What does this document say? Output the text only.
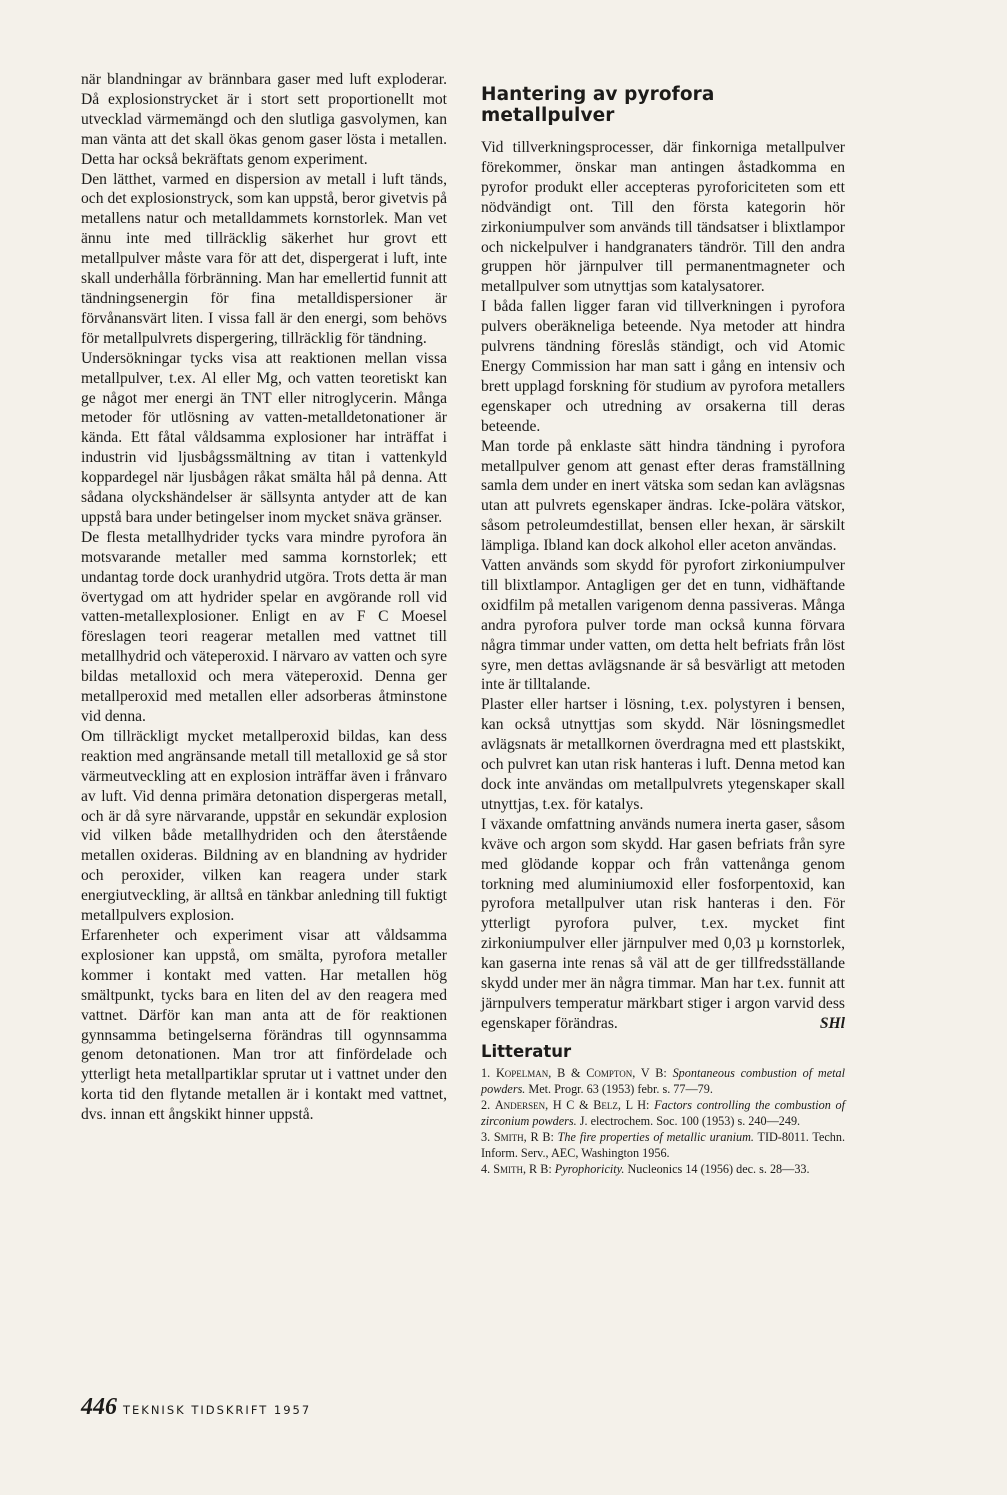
när blandningar av brännbara gaser med luft exploderar. Då explosionstrycket är i stort sett proportionellt mot utvecklad värmemängd och den slutliga gasvolymen, kan man vänta att det skall ökas genom gaser lösta i metallen. Detta har också bekräftats genom experiment.

Den lätthet, varmed en dispersion av metall i luft tänds, och det explosionstryck, som kan uppstå, beror givetvis på metallens natur och metalldammets kornstorlek. Man vet ännu inte med tillräcklig säkerhet hur grovt ett metallpulver måste vara för att det, dispergerat i luft, inte skall underhålla förbränning. Man har emellertid funnit att tändningsenergin för fina metalldispersioner är förvånansvärt liten. I vissa fall är den energi, som behövs för metallpulvrets dispergering, tillräcklig för tändning.

Undersökningar tycks visa att reaktionen mellan vissa metallpulver, t.ex. Al eller Mg, och vatten teoretiskt kan ge något mer energi än TNT eller nitroglycerin. Många metoder för utlösning av vatten-metalldetonationer är kända. Ett fåtal våldsamma explosioner har inträffat i industrin vid ljusbågssmältning av titan i vattenkyld koppardegel när ljusbågen råkat smälta hål på denna. Att sådana olyckshändelser är sällsynta antyder att de kan uppstå bara under betingelser inom mycket snäva gränser.

De flesta metallhydrider tycks vara mindre pyrofora än motsvarande metaller med samma kornstorlek; ett undantag torde dock uranhydrid utgöra. Trots detta är man övertygad om att hydrider spelar en avgörande roll vid vatten-metallexplosioner. Enligt en av F C Moesel föreslagen teori reagerar metallen med vattnet till metallhydrid och väteperoxid. I närvaro av vatten och syre bildas metalloxid och mera väteperoxid. Denna ger metallperoxid med metallen eller adsorberas åtminstone vid denna.

Om tillräckligt mycket metallperoxid bildas, kan dess reaktion med angränsande metall till metalloxid ge så stor värmeutveckling att en explosion inträffar även i frånvaro av luft. Vid denna primära detonation dispergeras metall, och är då syre närvarande, uppstår en sekundär explosion vid vilken både metallhydriden och den återstående metallen oxideras. Bildning av en blandning av hydrider och peroxider, vilken kan reagera under stark energiutveckling, är alltså en tänkbar anledning till fuktigt metallpulvers explosion.

Erfarenheter och experiment visar att våldsamma explosioner kan uppstå, om smälta, pyrofora metaller kommer i kontakt med vatten. Har metallen hög smältpunkt, tycks bara en liten del av den reagera med vattnet. Därför kan man anta att de för reaktionen gynnsamma betingelserna förändras till ogynnsamma genom detonationen. Man tror att finfördelade och ytterligt heta metallpartiklar sprutar ut i vattnet under den korta tid den flytande metallen är i kontakt med vattnet, dvs. innan ett ångskikt hinner uppstå.

Hantering av pyrofora metallpulver

Vid tillverkningsprocesser, där finkorniga metallpulver förekommer, önskar man antingen åstadkomma en pyrofor produkt eller accepteras pyroforiciteten som ett nödvändigt ont. Till den första kategorin hör zirkoniumpulver som används till tändsatser i blixtlampor och nickelpulver i handgranaters tändrör. Till den andra gruppen hör järnpulver till permanentmagneter och metallpulver som utnyttjas som katalysatorer.

I båda fallen ligger faran vid tillverkningen i pyrofora pulvers oberäkneliga beteende. Nya metoder att hindra pulvrens tändning föreslås ständigt, och vid Atomic Energy Commission har man satt i gång en intensiv och brett upplagd forskning för studium av pyrofora metallers egenskaper och utredning av orsakerna till deras beteende.

Man torde på enklaste sätt hindra tändning i pyrofora metallpulver genom att genast efter deras framställning samla dem under en inert vätska som sedan kan avlägsnas utan att pulvrets egenskaper ändras. Icke-polära vätskor, såsom petroleumdestillat, bensen eller hexan, är särskilt lämpliga. Ibland kan dock alkohol eller aceton användas.

Vatten används som skydd för pyrofort zirkoniumpulver till blixtlampor. Antagligen ger det en tunn, vidhäftande oxidfilm på metallen varigenom denna passiveras. Många andra pyrofora pulver torde man också kunna förvara några timmar under vatten, om detta helt befriats från löst syre, men dettas avlägsnande är så besvärligt att metoden inte är tilltalande.

Plaster eller hartser i lösning, t.ex. polystyren i bensen, kan också utnyttjas som skydd. När lösningsmedlet avlägsnats är metallkornen överdragna med ett plastskikt, och pulvret kan utan risk hanteras i luft. Denna metod kan dock inte användas om metallpulvrets ytegenskaper skall utnyttjas, t.ex. för katalys.

I växande omfattning används numera inerta gaser, såsom kväve och argon som skydd. Har gasen befriats från syre med glödande koppar och från vattenånga genom torkning med aluminiumoxid eller fosforpentoxid, kan pyrofora metallpulver utan risk hanteras i den. För ytterligt pyrofora pulver, t.ex. mycket fint zirkoniumpulver eller järnpulver med 0,03 µ kornstorlek, kan gaserna inte renas så väl att de ger tillfredsställande skydd under mer än några timmar. Man har t.ex. funnit att järnpulvers temperatur märkbart stiger i argon varvid dess egenskaper förändras.	SHl

Litteratur

1. Kopelman, B & Compton, V B: Spontaneous combustion of metal powders. Met. Progr. 63 (1953) febr. s. 77—79.

2. Andersen, H C & Belz, L H: Factors controlling the combustion of zirconium powders. J. electrochem. Soc. 100 (1953) s. 240—249.

3. Smith, R B: The fire properties of metallic uranium. TID-8011. Techn. Inform. Serv., AEC, Washington 1956.

4. Smith, R B: Pyrophoricity. Nucleonics 14 (1956) dec. s. 28—33.

446 TEKNISK TIDSKRIFT 1957
